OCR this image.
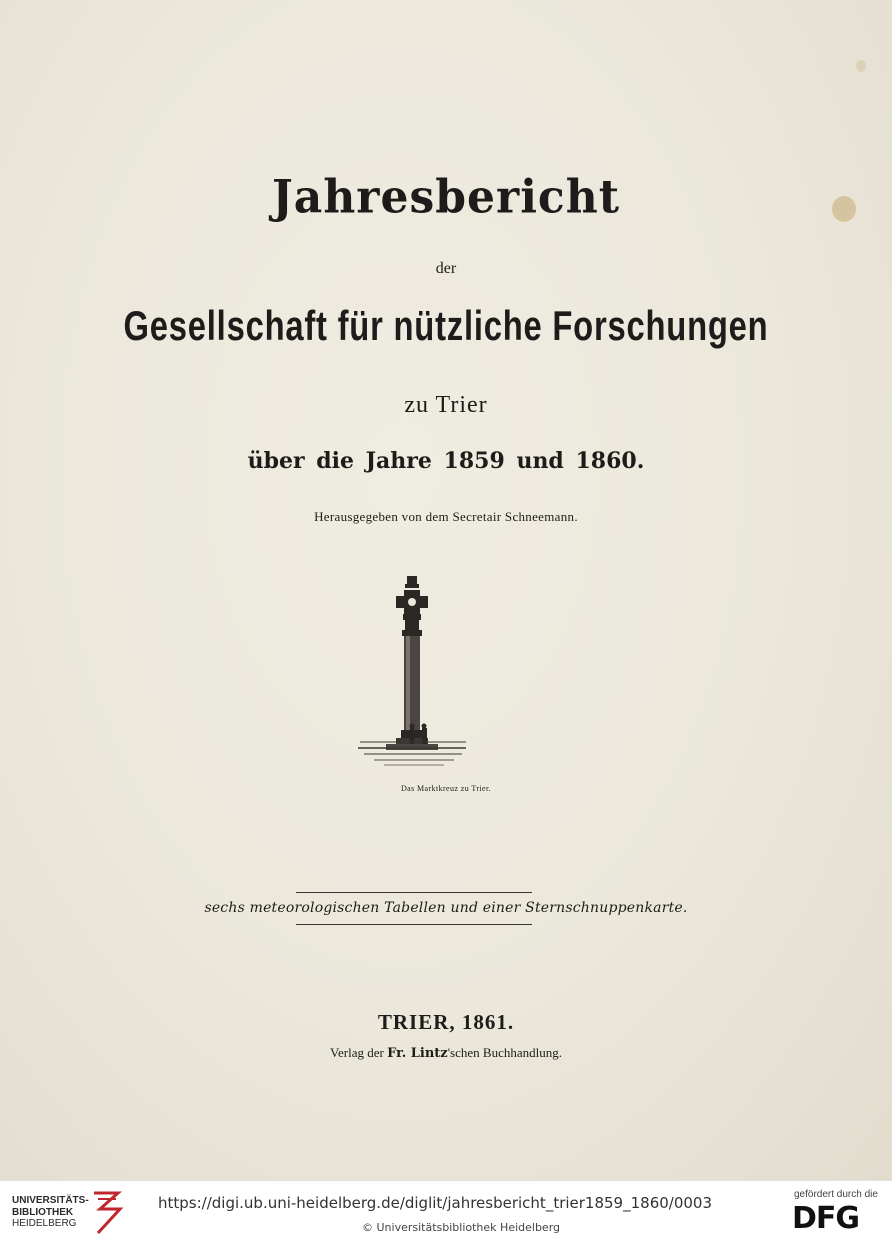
Jahresbericht
der
Gesellschaft für nützliche Forschungen
zu Trier
über die Jahre 1859 und 1860.
Herausgegeben von dem Secretair Schneemann.
Das Marktkreuz zu Trier.
sechs meteorologischen Tabellen und einer Sternschnuppenkarte.
TRIER, 1861.
Verlag der Fr. Lintz'schen Buchhandlung.
UNIVERSITÄTS-
BIBLIOTHEK
HEIDELBERG
https://digi.ub.uni-heidelberg.de/diglit/jahresbericht_trier1859_1860/0003
© Universitätsbibliothek Heidelberg
gefördert durch die
DFG
